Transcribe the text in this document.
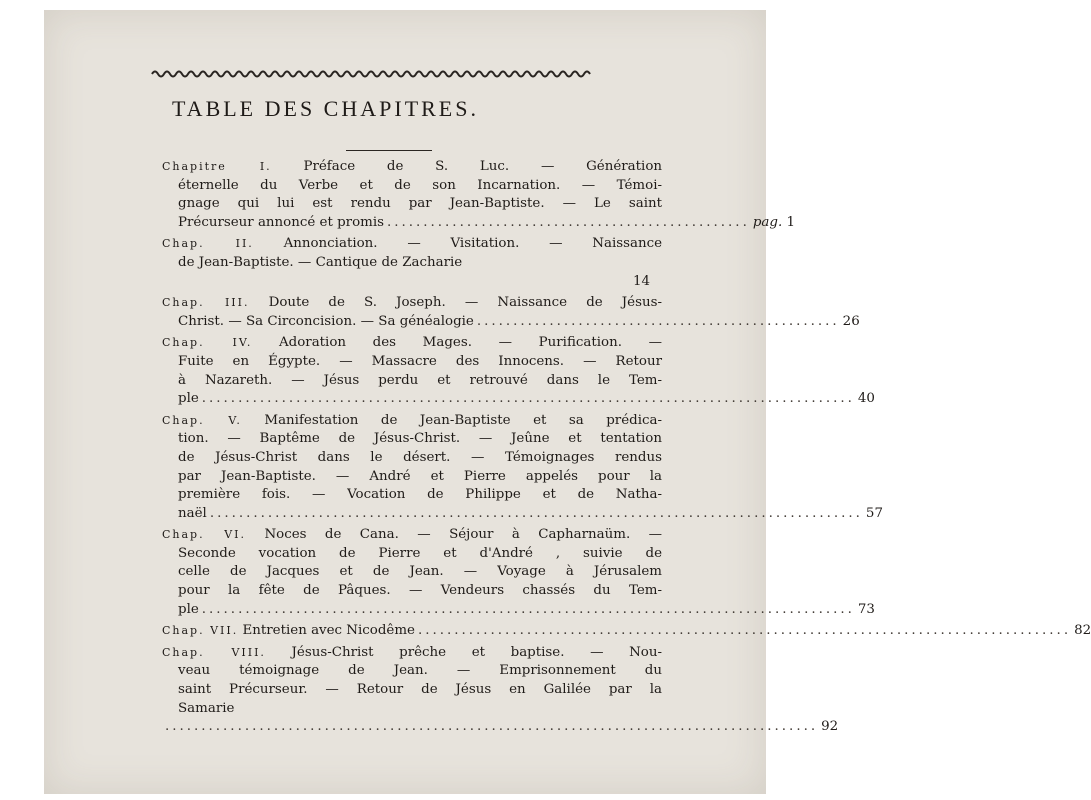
TABLE DES CHAPITRES.
Chapitre I. Préface de S. Luc. — Génération
éternelle du Verbe et de son Incarnation. — Témoi-
gnage qui lui est rendu par Jean-Baptiste. — Le saint
Précurseur annoncé et promis .................................................. pag. 1
Chap. II. Annonciation. — Visitation. — Naissance
de Jean-Baptiste. — Cantique de Zacharie
14
Chap. III. Doute de S. Joseph. — Naissance de Jésus-
Christ. — Sa Circoncision. — Sa généalogie .................................................. 26
Chap. IV. Adoration des Mages. — Purification. —
Fuite en Égypte. — Massacre des Innocens. — Retour
à Nazareth. — Jésus perdu et retrouvé dans le Tem-
ple .......................................................................................... 40
Chap. V. Manifestation de Jean-Baptiste et sa prédica-
tion. — Baptême de Jésus-Christ. — Jeûne et tentation
de Jésus-Christ dans le désert. — Témoignages rendus
par Jean-Baptiste. — André et Pierre appelés pour la
première fois. — Vocation de Philippe et de Natha-
naël .......................................................................................... 57
Chap. VI. Noces de Cana. — Séjour à Capharnaüm. —
Seconde vocation de Pierre et d'André , suivie de
celle de Jacques et de Jean. — Voyage à Jérusalem
pour la fête de Pâques. — Vendeurs chassés du Tem-
ple .......................................................................................... 73
Chap. VII. Entretien avec Nicodême .......................................................................................... 82
Chap. VIII. Jésus-Christ prêche et baptise. — Nou-
veau témoignage de Jean. — Emprisonnement du
saint Précurseur. — Retour de Jésus en Galilée par la
Samarie
.......................................................................................... 92
